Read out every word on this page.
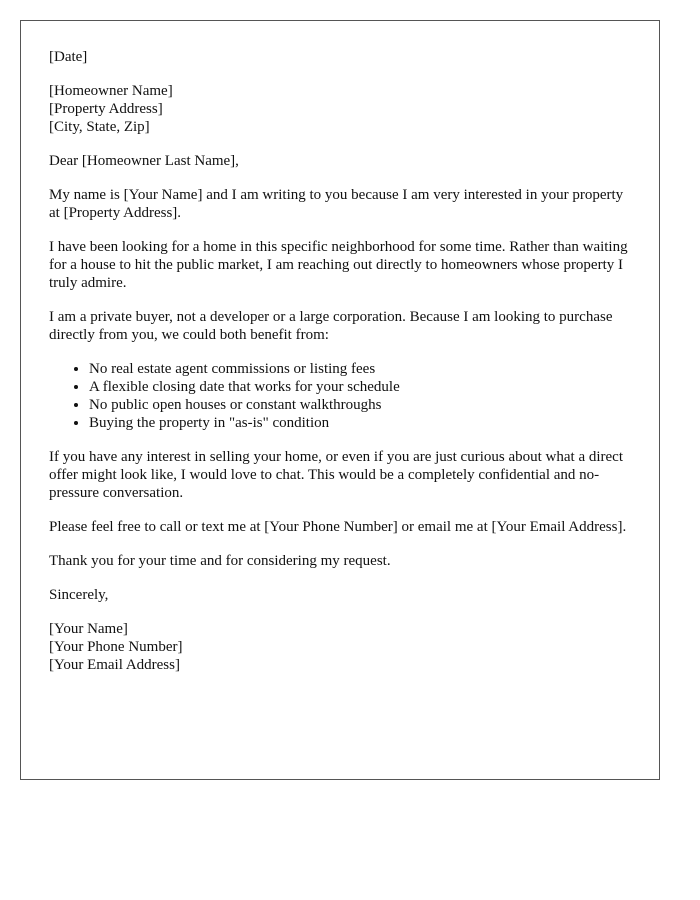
[Date]

[Homeowner Name]
[Property Address]
[City, State, Zip]

Dear [Homeowner Last Name],

My name is [Your Name] and I am writing to you because I am very interested in your property at [Property Address].

I have been looking for a home in this specific neighborhood for some time. Rather than waiting for a house to hit the public market, I am reaching out directly to homeowners whose property I truly admire.

I am a private buyer, not a developer or a large corporation. Because I am looking to purchase directly from you, we could both benefit from:

• No real estate agent commissions or listing fees
• A flexible closing date that works for your schedule
• No public open houses or constant walkthroughs
• Buying the property in "as-is" condition

If you have any interest in selling your home, or even if you are just curious about what a direct offer might look like, I would love to chat. This would be a completely confidential and no-pressure conversation.

Please feel free to call or text me at [Your Phone Number] or email me at [Your Email Address].

Thank you for your time and for considering my request.

Sincerely,

[Your Name]
[Your Phone Number]
[Your Email Address]
